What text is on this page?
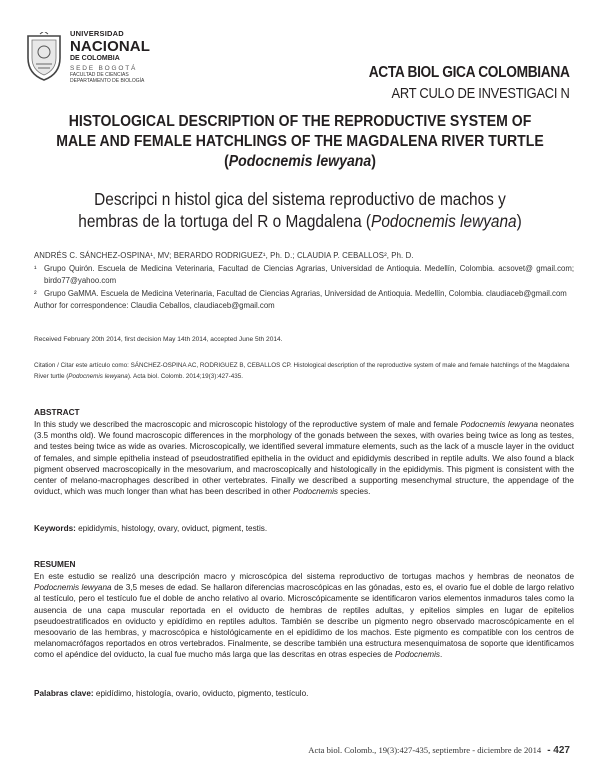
UNIVERSIDAD
NACIONAL
DE COLOMBIA
SEDE BOGOTÁ
FACULTAD DE CIENCIAS
DEPARTAMENTO DE BIOLOGÍA	ACTA BIOL GICA COLOMBIANA
ART CULO DE INVESTIGACI N
HISTOLOGICAL DESCRIPTION OF THE REPRODUCTIVE SYSTEM OF
MALE AND FEMALE HATCHLINGS OF THE MAGDALENA RIVER TURTLE
(Podocnemis lewyana)
Descripci n histol gica del sistema reproductivo de machos y
hembras de la tortuga del R o Magdalena (Podocnemis lewyana)
ANDRÉS C. SÁNCHEZ-OSPINA¹, MV; BERARDO RODRIGUEZ¹, Ph. D.; CLAUDIA P. CEBALLOS², Ph. D.
¹ Grupo Quirón. Escuela de Medicina Veterinaria, Facultad de Ciencias Agrarias, Universidad de Antioquia. Medellín, Colombia. acsovet@ gmail.com; birdo77@yahoo.com
² Grupo GaMMA. Escuela de Medicina Veterinaria, Facultad de Ciencias Agrarias, Universidad de Antioquia. Medellín, Colombia. claudiaceb@gmail.com
Author for correspondence: Claudia Ceballos, claudiaceb@gmail.com
Received February 20th 2014, first decision May 14th 2014, accepted June 5th 2014.
Citation / Citar este artículo como: SÁNCHEZ-OSPINA AC, RODRIGUEZ B, CEBALLOS CP. Histological description of the reproductive system of male and female hatchlings of the Magdalena River turtle (Podocnemis lewyana). Acta biol. Colomb. 2014;19(3):427-435.
ABSTRACT
In this study we described the macroscopic and microscopic histology of the reproductive system of male and female Podocnemis lewyana neonates (3.5 months old). We found macroscopic differences in the morphology of the gonads between the sexes, with ovaries being twice as long as testes, and testes being twice as wide as ovaries. Microscopically, we identified several immature elements, such as the lack of a muscle layer in the oviduct of females, and simple epithelia instead of pseudostratified epithelia in the oviduct and epididymis described in reptile adults. We also found a black pigment observed macroscopically in the mesovarium, and macroscopically and histologically in the epididymis. This pigment is consistent with the center of melano-macrophages described in other vertebrates. Finally we described a supporting mesenchymal structure, the appendage of the oviduct, which was much longer than what has been described in other Podocnemis species.
Keywords: epididymis, histology, ovary, oviduct, pigment, testis.
RESUMEN
En este estudio se realizó una descripción macro y microscópica del sistema reproductivo de tortugas machos y hembras de neonatos de Podocnemis lewyana de 3,5 meses de edad. Se hallaron diferencias macroscópicas en las gónadas, esto es, el ovario fue el doble de largo relativo al testículo, pero el testículo fue el doble de ancho relativo al ovario. Microscópicamente se identificaron varios elementos inmaduros tales como la ausencia de una capa muscular reportada en el oviducto de hembras de reptiles adultas, y epitelios simples en lugar de epitelios pseudoestratificados en oviducto y epidídimo en reptiles adultos. También se describe un pigmento negro observado macroscópicamente en el mesoovario de las hembras, y macroscópica e histológicamente en el epidídimo de los machos. Este pigmento es compatible con los centros de melanomacrófagos reportados en otros vertebrados. Finalmente, se describe también una estructura mesenquimatosa de soporte que identificamos como el apéndice del oviducto, la cual fue mucho más larga que las descritas en otras especies de Podocnemis.
Palabras clave: epidídimo, histología, ovario, oviducto, pigmento, testículo.
Acta biol. Colomb., 19(3):427-435, septiembre - diciembre de 2014 - 427
